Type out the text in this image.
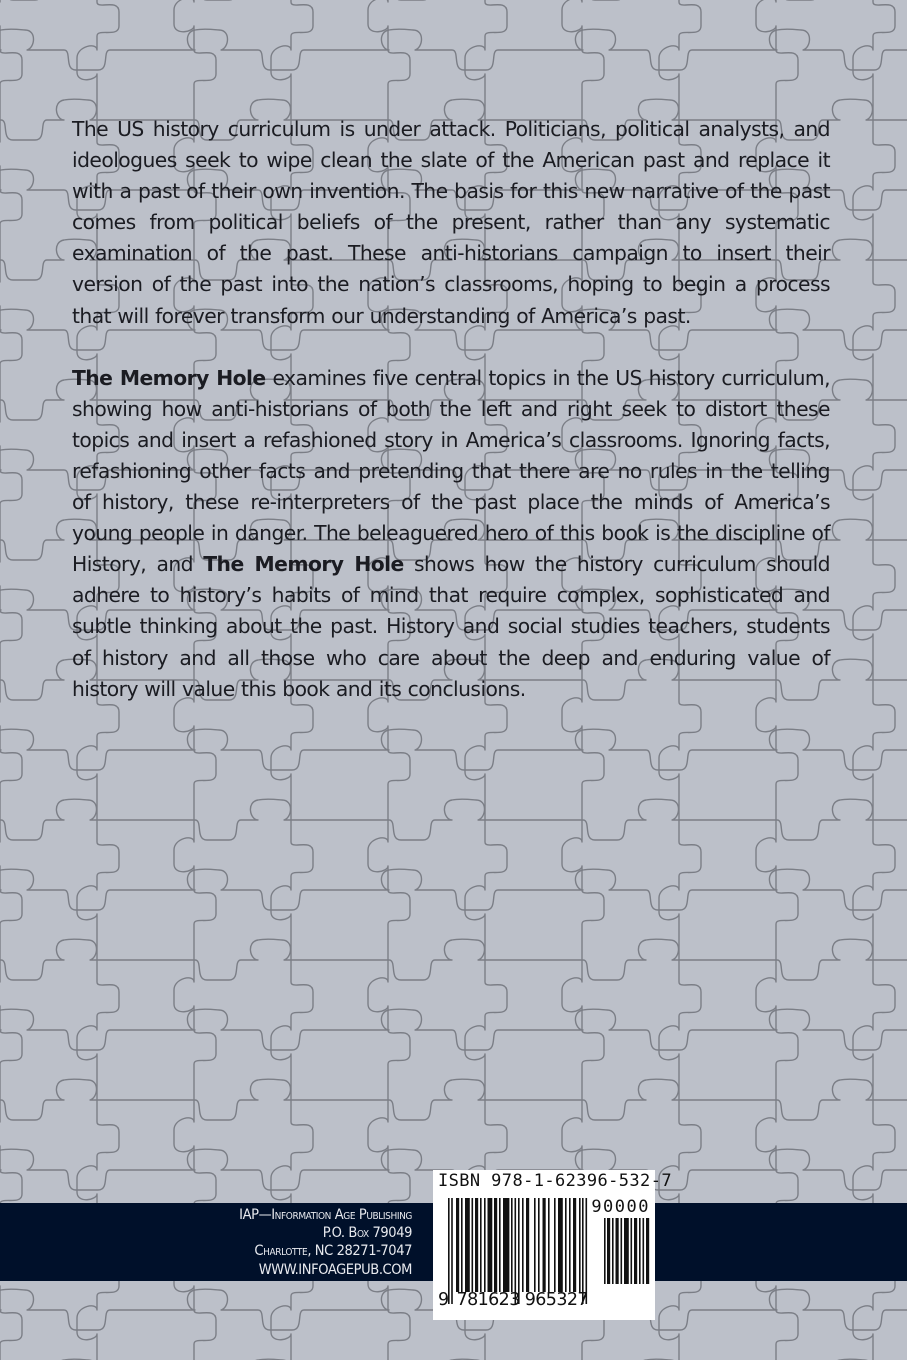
The US history curriculum is under attack. Politicians, political analysts, and ideologues seek to wipe clean the slate of the American past and replace it with a past of their own invention. The basis for this new narrative of the past comes from political beliefs of the present, rather than any systematic examination of the past. These anti-historians campaign to insert their version of the past into the nation’s classrooms, hoping to begin a process that will forever transform our understanding of America’s past.

The Memory Hole examines five central topics in the US history curriculum, showing how anti-historians of both the left and right seek to distort these topics and insert a refashioned story in America’s classrooms. Ignoring facts, refashioning other facts and pretending that there are no rules in the telling of history, these re-interpreters of the past place the minds of America’s young people in danger. The beleaguered hero of this book is the discipline of History, and The Memory Hole shows how the history curriculum should adhere to history’s habits of mind that require complex, sophisticated and subtle thinking about the past. History and social studies teachers, students of history and all those who care about the deep and enduring value of history will value this book and its conclusions.

IAP—Information Age Publishing
P.O. Box 79049
Charlotte, NC 28271-7047
WWW.INFOAGEPUB.COM
ISBN 978-1-62396-532-7
90000
9 781623 965327
